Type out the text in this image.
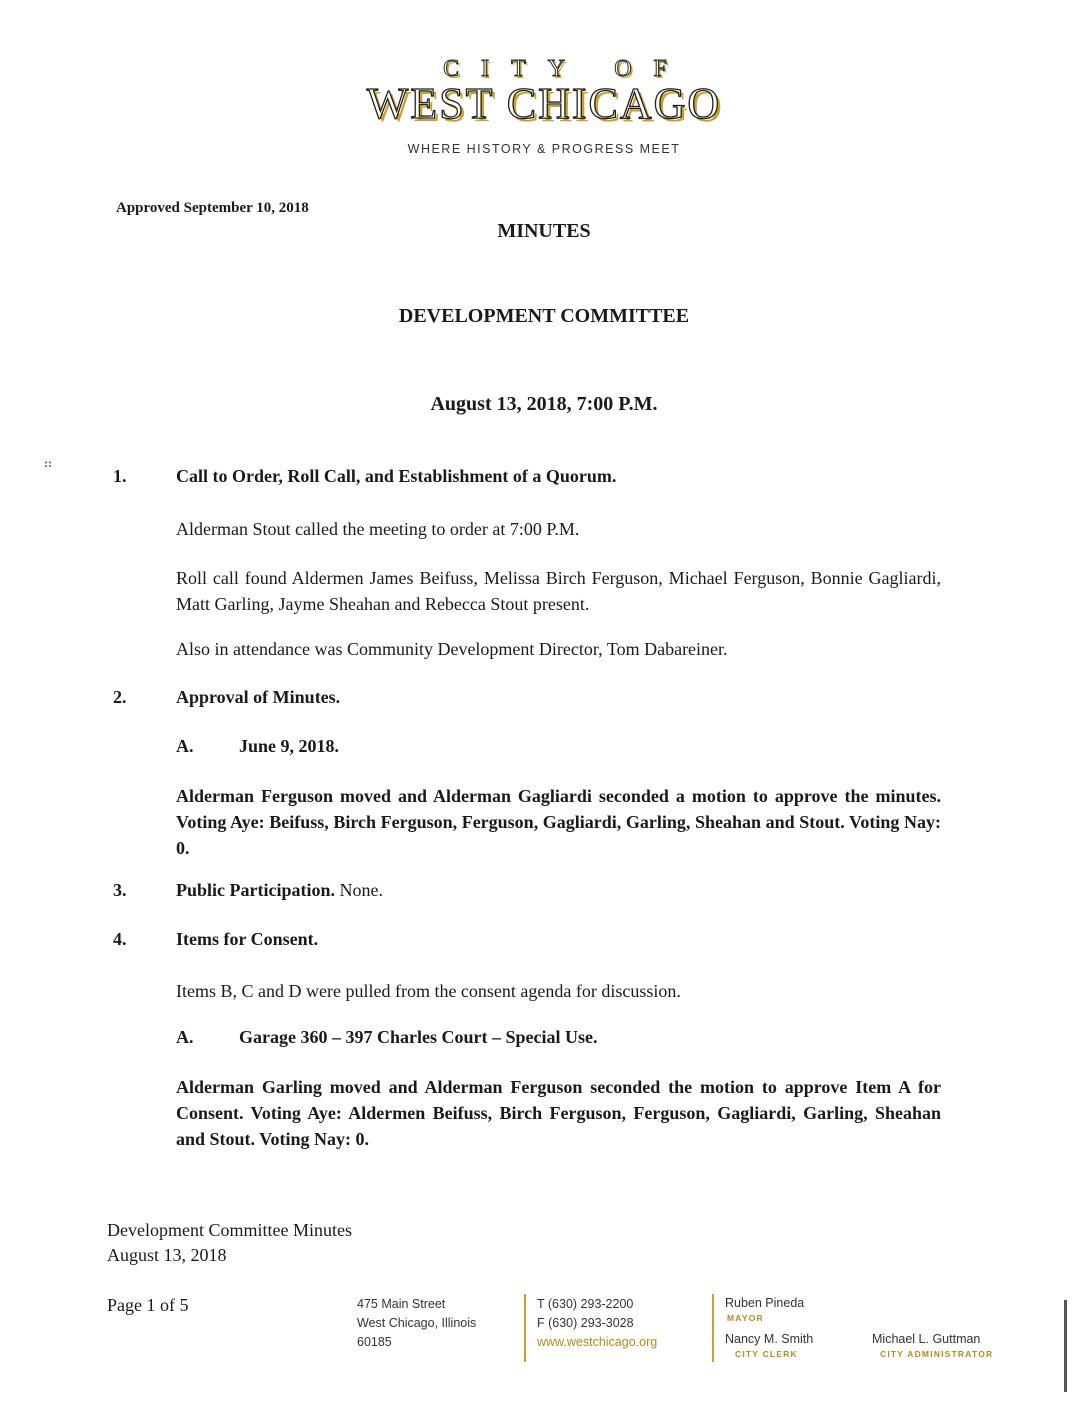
CITY OF
WEST CHICAGO
WHERE HISTORY & PROGRESS MEET
Approved September 10, 2018
MINUTES
DEVELOPMENT COMMITTEE
August 13, 2018, 7:00 P.M.
::
1.	Call to Order, Roll Call, and Establishment of a Quorum.
Alderman Stout called the meeting to order at 7:00 P.M.
Roll call found Aldermen James Beifuss, Melissa Birch Ferguson, Michael Ferguson, Bonnie Gagliardi, Matt Garling, Jayme Sheahan and Rebecca Stout present.
Also in attendance was Community Development Director, Tom Dabareiner.
2.	Approval of Minutes.
A.	June 9, 2018.
Alderman Ferguson moved and Alderman Gagliardi seconded a motion to approve the minutes. Voting Aye: Beifuss, Birch Ferguson, Ferguson, Gagliardi, Garling, Sheahan and Stout. Voting Nay: 0.
3.	Public Participation. None.
4.	Items for Consent.
Items B, C and D were pulled from the consent agenda for discussion.
A.	Garage 360 – 397 Charles Court – Special Use.
Alderman Garling moved and Alderman Ferguson seconded the motion to approve Item A for Consent. Voting Aye: Aldermen Beifuss, Birch Ferguson, Ferguson, Gagliardi, Garling, Sheahan and Stout. Voting Nay: 0.
Development Committee Minutes
August 13, 2018
Page 1 of 5	475 Main Street
West Chicago, Illinois
60185
T (630) 293-2200
F (630) 293-3028
www.westchicago.org
Ruben Pineda
MAYOR
Nancy M. Smith
CITY CLERK
Michael L. Guttman
CITY ADMINISTRATOR
